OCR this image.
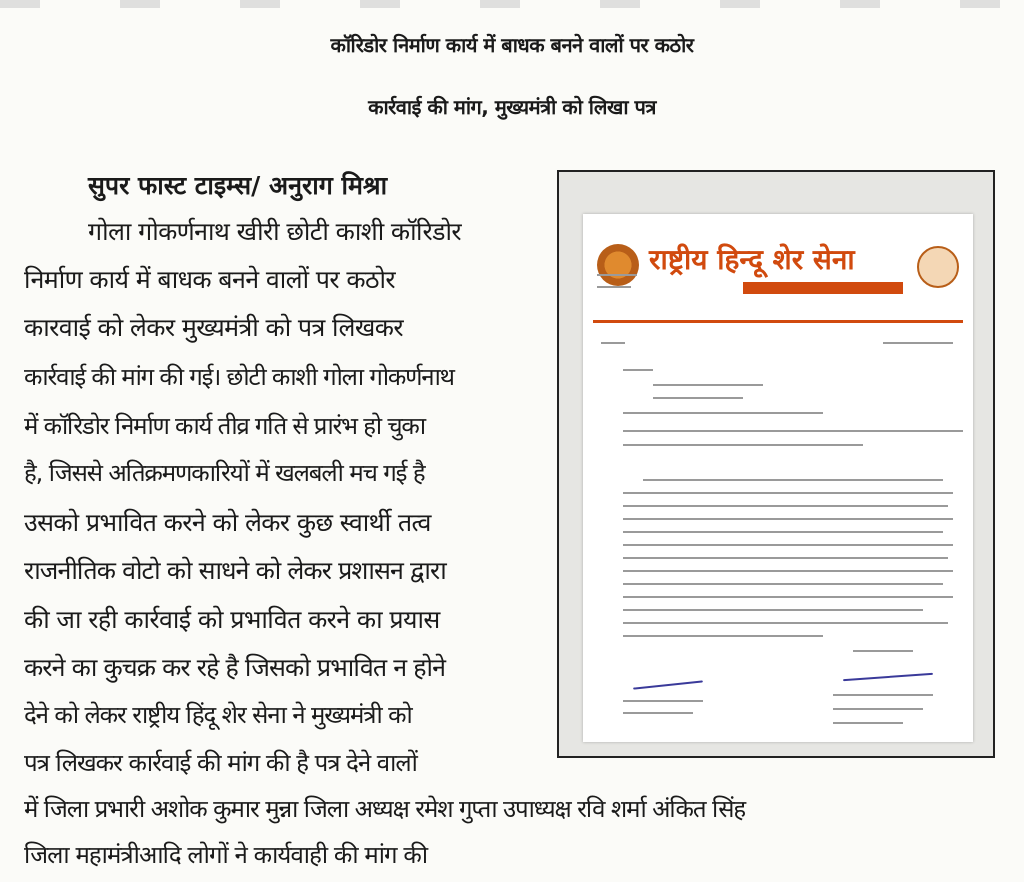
कॉरिडोर निर्माण कार्य में बाधक बनने वालों पर कठोर
कार्रवाई की मांग, मुख्यमंत्री को लिखा पत्र
सुपर फास्ट टाइम्स/ अनुराग मिश्रा
गोला गोकर्णनाथ खीरी छोटी काशी कॉरिडोर
निर्माण कार्य में बाधक बनने वालों पर कठोर
कारवाई को लेकर मुख्यमंत्री को पत्र लिखकर
कार्रवाई की मांग की गई। छोटी काशी गोला गोकर्णनाथ
में कॉरिडोर निर्माण कार्य तीव्र गति से प्रारंभ हो चुका
है, जिससे अतिक्रमणकारियों में खलबली मच गई है
उसको प्रभावित करने को लेकर कुछ स्वार्थी तत्व
राजनीतिक वोटो को साधने को लेकर प्रशासन द्वारा
की जा रही कार्रवाई को प्रभावित करने का प्रयास
करने का कुचक्र कर रहे है जिसको प्रभावित न होने
देने को लेकर राष्ट्रीय हिंदू शेर सेना ने मुख्यमंत्री को
पत्र लिखकर कार्रवाई की मांग की है पत्र देने वालों
में जिला प्रभारी अशोक कुमार मुन्ना जिला अध्यक्ष रमेश गुप्ता उपाध्यक्ष रवि शर्मा अंकित सिंह
जिला महामंत्रीआदि लोगों ने कार्यवाही की मांग की
राष्ट्रीय हिन्दू शेर सेना
